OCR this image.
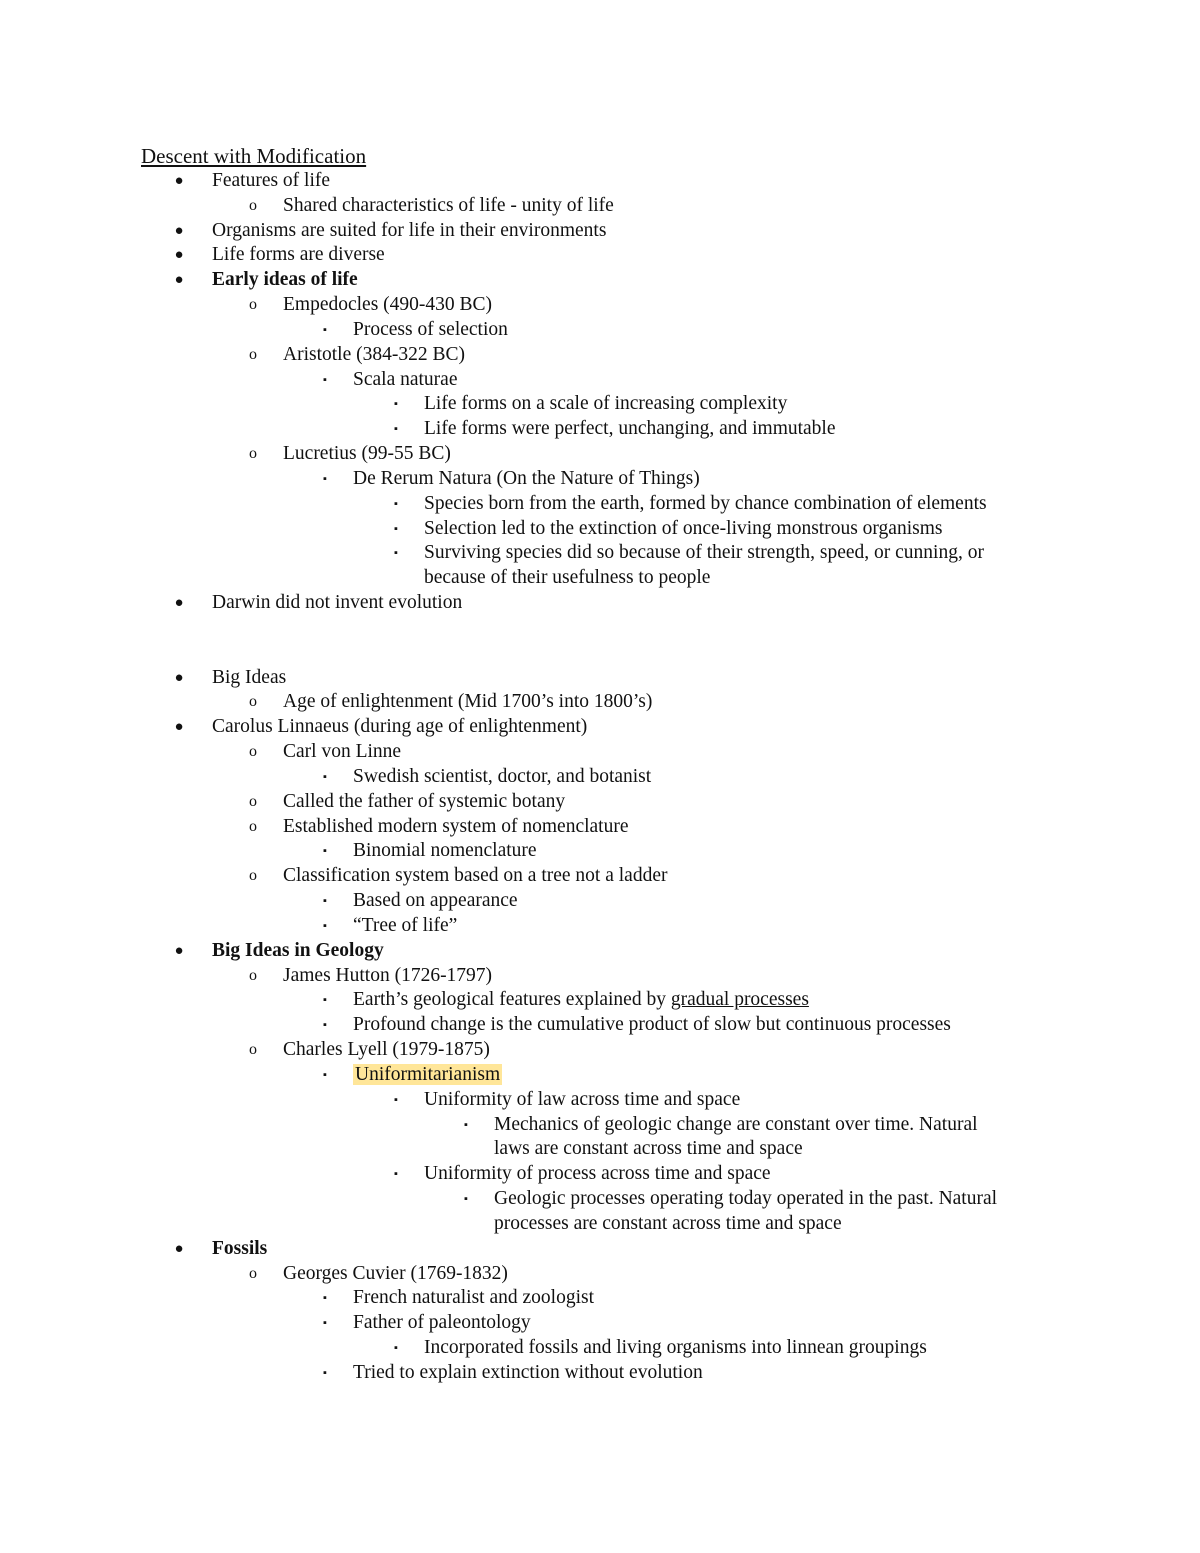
Descent with Modification
● Features of life
o Shared characteristics of life - unity of life
● Organisms are suited for life in their environments
● Life forms are diverse
● Early ideas of life
o Empedocles (490-430 BC)
▪ Process of selection
o Aristotle (384-322 BC)
▪ Scala naturae
▪ Life forms on a scale of increasing complexity
▪ Life forms were perfect, unchanging, and immutable
o Lucretius (99-55 BC)
▪ De Rerum Natura (On the Nature of Things)
▪ Species born from the earth, formed by chance combination of elements
▪ Selection led to the extinction of once-living monstrous organisms
▪ Surviving species did so because of their strength, speed, or cunning, or
because of their usefulness to people
● Darwin did not invent evolution
● Big Ideas
o Age of enlightenment (Mid 1700’s into 1800’s)
● Carolus Linnaeus (during age of enlightenment)
o Carl von Linne
▪ Swedish scientist, doctor, and botanist
o Called the father of systemic botany
o Established modern system of nomenclature
▪ Binomial nomenclature
o Classification system based on a tree not a ladder
▪ Based on appearance
▪ “Tree of life”
● Big Ideas in Geology
o James Hutton (1726-1797)
▪ Earth’s geological features explained by gradual processes
▪ Profound change is the cumulative product of slow but continuous processes
o Charles Lyell (1979-1875)
▪ Uniformitarianism
▪ Uniformity of law across time and space
▪ Mechanics of geologic change are constant over time. Natural
laws are constant across time and space
▪ Uniformity of process across time and space
▪ Geologic processes operating today operated in the past. Natural
processes are constant across time and space
● Fossils
o Georges Cuvier (1769-1832)
▪ French naturalist and zoologist
▪ Father of paleontology
▪ Incorporated fossils and living organisms into linnean groupings
▪ Tried to explain extinction without evolution
